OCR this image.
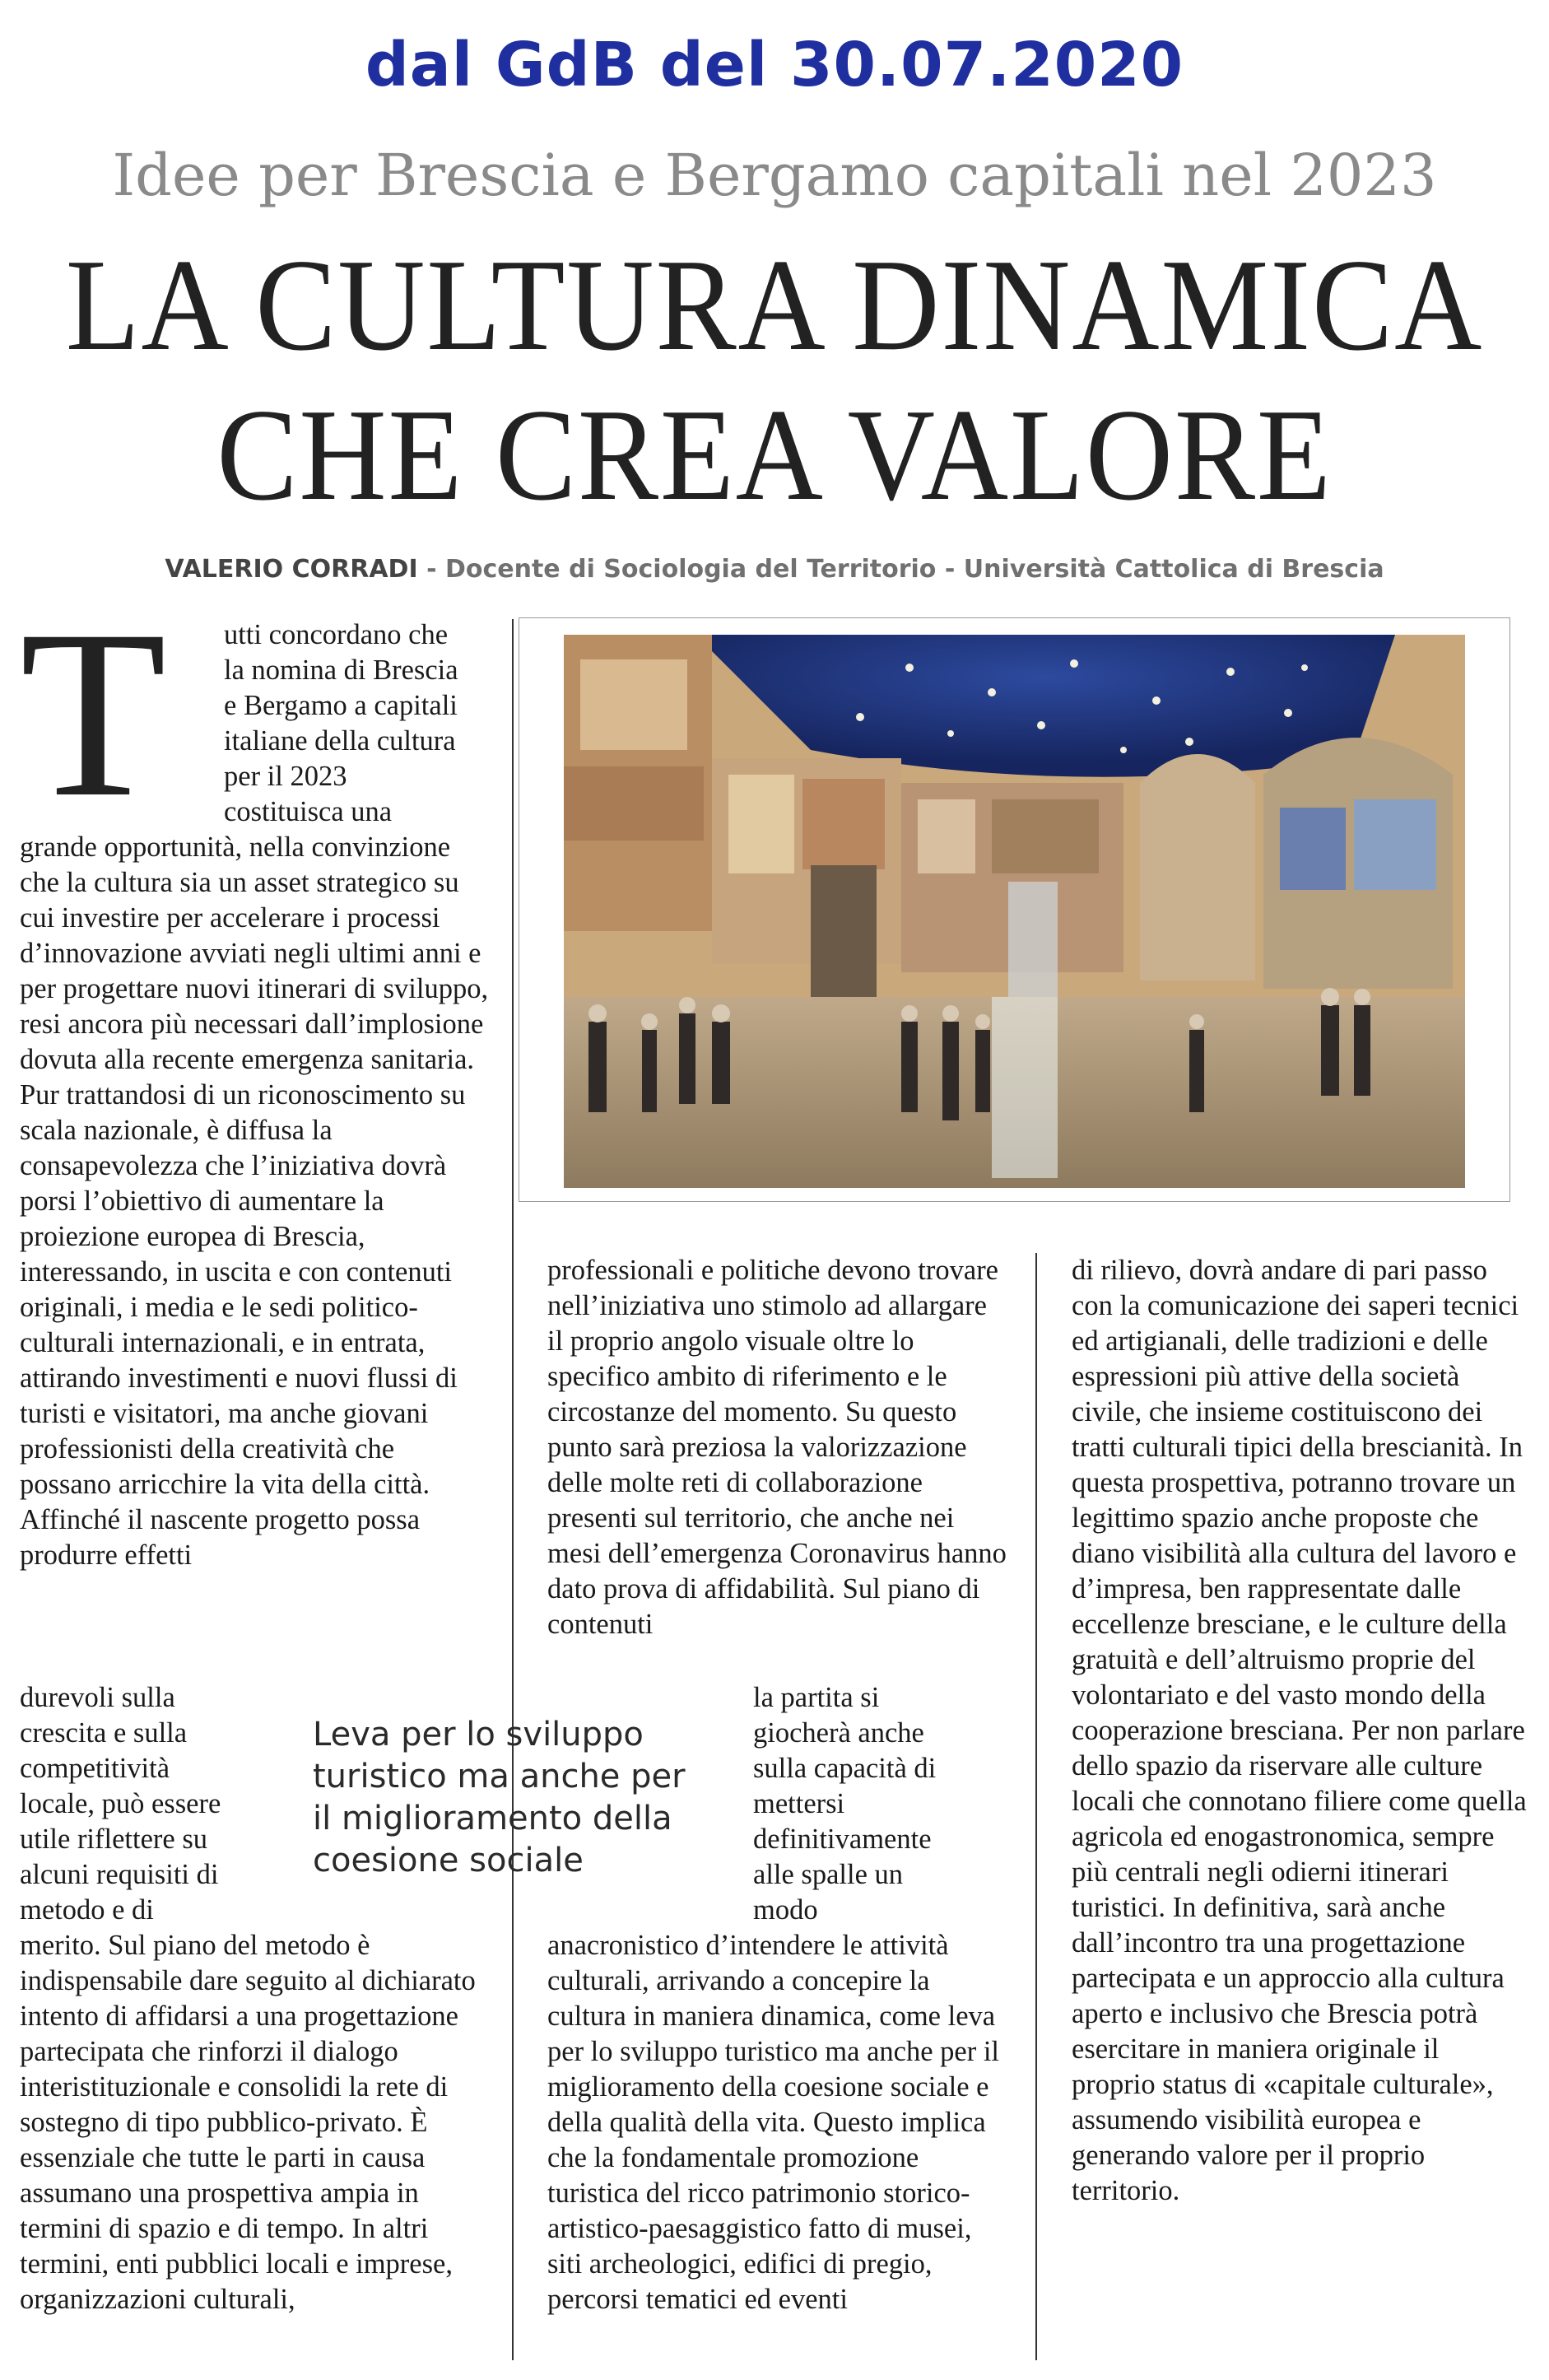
dal GdB del 30.07.2020
Idee per Brescia e Bergamo capitali nel 2023
LA CULTURA DINAMICA
CHE CREA VALORE
VALERIO CORRADI - Docente di Sociologia del Territorio - Università Cattolica di Brescia
T utti concordano che

la nomina di Brescia

e Bergamo a capitali

italiane della cultura

per il 2023

costituisca una

grande opportunità, nella convinzione che la cultura sia un asset strategico su cui investire per accelerare i processi d’innovazione avviati negli ultimi anni e per progettare nuovi itinerari di sviluppo, resi ancora più necessari dall’implosione dovuta alla recente emergenza sanitaria. Pur trattandosi di un riconoscimento su scala nazionale, è diffusa la consapevolezza che l’iniziativa dovrà porsi l’obiettivo di aumentare la proiezione europea di Brescia, interessando, in uscita e con contenuti originali, i media e le sedi politico-culturali internazionali, e in entrata, attirando investimenti e nuovi flussi di turisti e visitatori, ma anche giovani professionisti della creatività che possano arricchire la vita della città. Affinché il nascente progetto possa produrre effetti

durevoli sulla

crescita e sulla

competitività

locale, può essere

utile riflettere su

alcuni requisiti di

metodo e di

merito. Sul piano del metodo è indispensabile dare seguito al dichiarato intento di affidarsi a una progettazione partecipata che rinforzi il dialogo interistituzionale e consolidi la rete di sostegno di tipo pubblico-privato. È essenziale che tutte le parti in causa assumano una prospettiva ampia in termini di spazio e di tempo. In altri termini, enti pubblici locali e imprese, organizzazioni culturali,
professionali e politiche devono trovare nell’iniziativa uno stimolo ad allargare il proprio angolo visuale oltre lo specifico ambito di riferimento e le circostanze del momento. Su questo punto sarà preziosa la valorizzazione delle molte reti di collaborazione presenti sul territorio, che anche nei mesi dell’emergenza Coronavirus hanno dato prova di affidabilità. Sul piano di contenuti

la partita si

giocherà anche

sulla capacità di

mettersi

definitivamente

alle spalle un

modo

anacronistico d’intendere le attività culturali, arrivando a concepire la cultura in maniera dinamica, come leva per lo sviluppo turistico ma anche per il miglioramento della coesione sociale e della qualità della vita. Questo implica che la fondamentale promozione turistica del ricco patrimonio storico-artistico-paesaggistico fatto di musei, siti archeologici, edifici di pregio, percorsi tematici ed eventi
Leva per lo sviluppo turistico ma anche per il miglioramento della coesione sociale
di rilievo, dovrà andare di pari passo con la comunicazione dei saperi tecnici ed artigianali, delle tradizioni e delle espressioni più attive della società civile, che insieme costituiscono dei tratti culturali tipici della brescianità. In questa prospettiva, potranno trovare un legittimo spazio anche proposte che diano visibilità alla cultura del lavoro e d’impresa, ben rappresentate dalle eccellenze bresciane, e le culture della gratuità e dell’altruismo proprie del volontariato e del vasto mondo della cooperazione bresciana. Per non parlare dello spazio da riservare alle culture locali che connotano filiere come quella agricola ed enogastronomica, sempre più centrali negli odierni itinerari turistici. In definitiva, sarà anche dall’incontro tra una progettazione partecipata e un approccio alla cultura aperto e inclusivo che Brescia potrà esercitare in maniera originale il proprio status di «capitale culturale», assumendo visibilità europea e generando valore per il proprio territorio.
